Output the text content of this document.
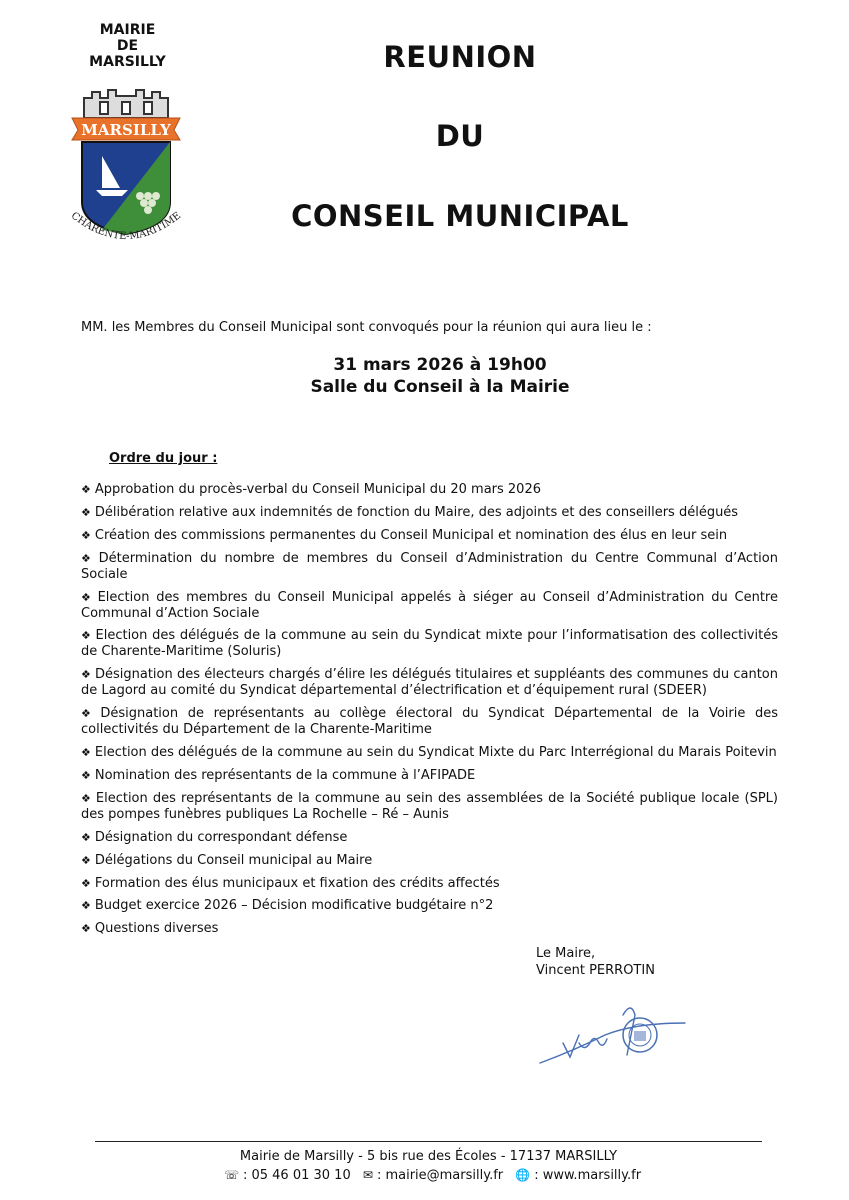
MAIRIE
DE
MARSILLY
MARSILLY
CHARENTE-MARITIME
REUNION
DU
CONSEIL MUNICIPAL
MM. les Membres du Conseil Municipal sont convoqués pour la réunion qui aura lieu le :
31 mars 2026 à 19h00
Salle du Conseil à la Mairie
Ordre du jour :
❖ Approbation du procès-verbal du Conseil Municipal du 20 mars 2026
❖ Délibération relative aux indemnités de fonction du Maire, des adjoints et des conseillers délégués
❖ Création des commissions permanentes du Conseil Municipal et nomination des élus en leur sein
❖ Détermination du nombre de membres du Conseil d’Administration du Centre Communal d’Action Sociale
❖ Election des membres du Conseil Municipal appelés à siéger au Conseil d’Administration du Centre Communal d’Action Sociale
❖ Election des délégués de la commune au sein du Syndicat mixte pour l’informatisation des collectivités de Charente-Maritime (Soluris)
❖ Désignation des électeurs chargés d’élire les délégués titulaires et suppléants des communes du canton de Lagord au comité du Syndicat départemental d’électrification et d’équipement rural (SDEER)
❖ Désignation de représentants au collège électoral du Syndicat Départemental de la Voirie des collectivités du Département de la Charente-Maritime
❖ Election des délégués de la commune au sein du Syndicat Mixte du Parc Interrégional du Marais Poitevin
❖ Nomination des représentants de la commune à l’AFIPADE
❖ Election des représentants de la commune au sein des assemblées de la Société publique locale (SPL) des pompes funèbres publiques La Rochelle – Ré – Aunis
❖ Désignation du correspondant défense
❖ Délégations du Conseil municipal au Maire
❖ Formation des élus municipaux et fixation des crédits affectés
❖ Budget exercice 2026 – Décision modificative budgétaire n°2
❖ Questions diverses
Le Maire,
Vincent PERROTIN
Mairie de Marsilly - 5 bis rue des Écoles - 17137 MARSILLY
☏ : 05 46 01 30 10 ✉ : mairie@marsilly.fr 🌐 : www.marsilly.fr
